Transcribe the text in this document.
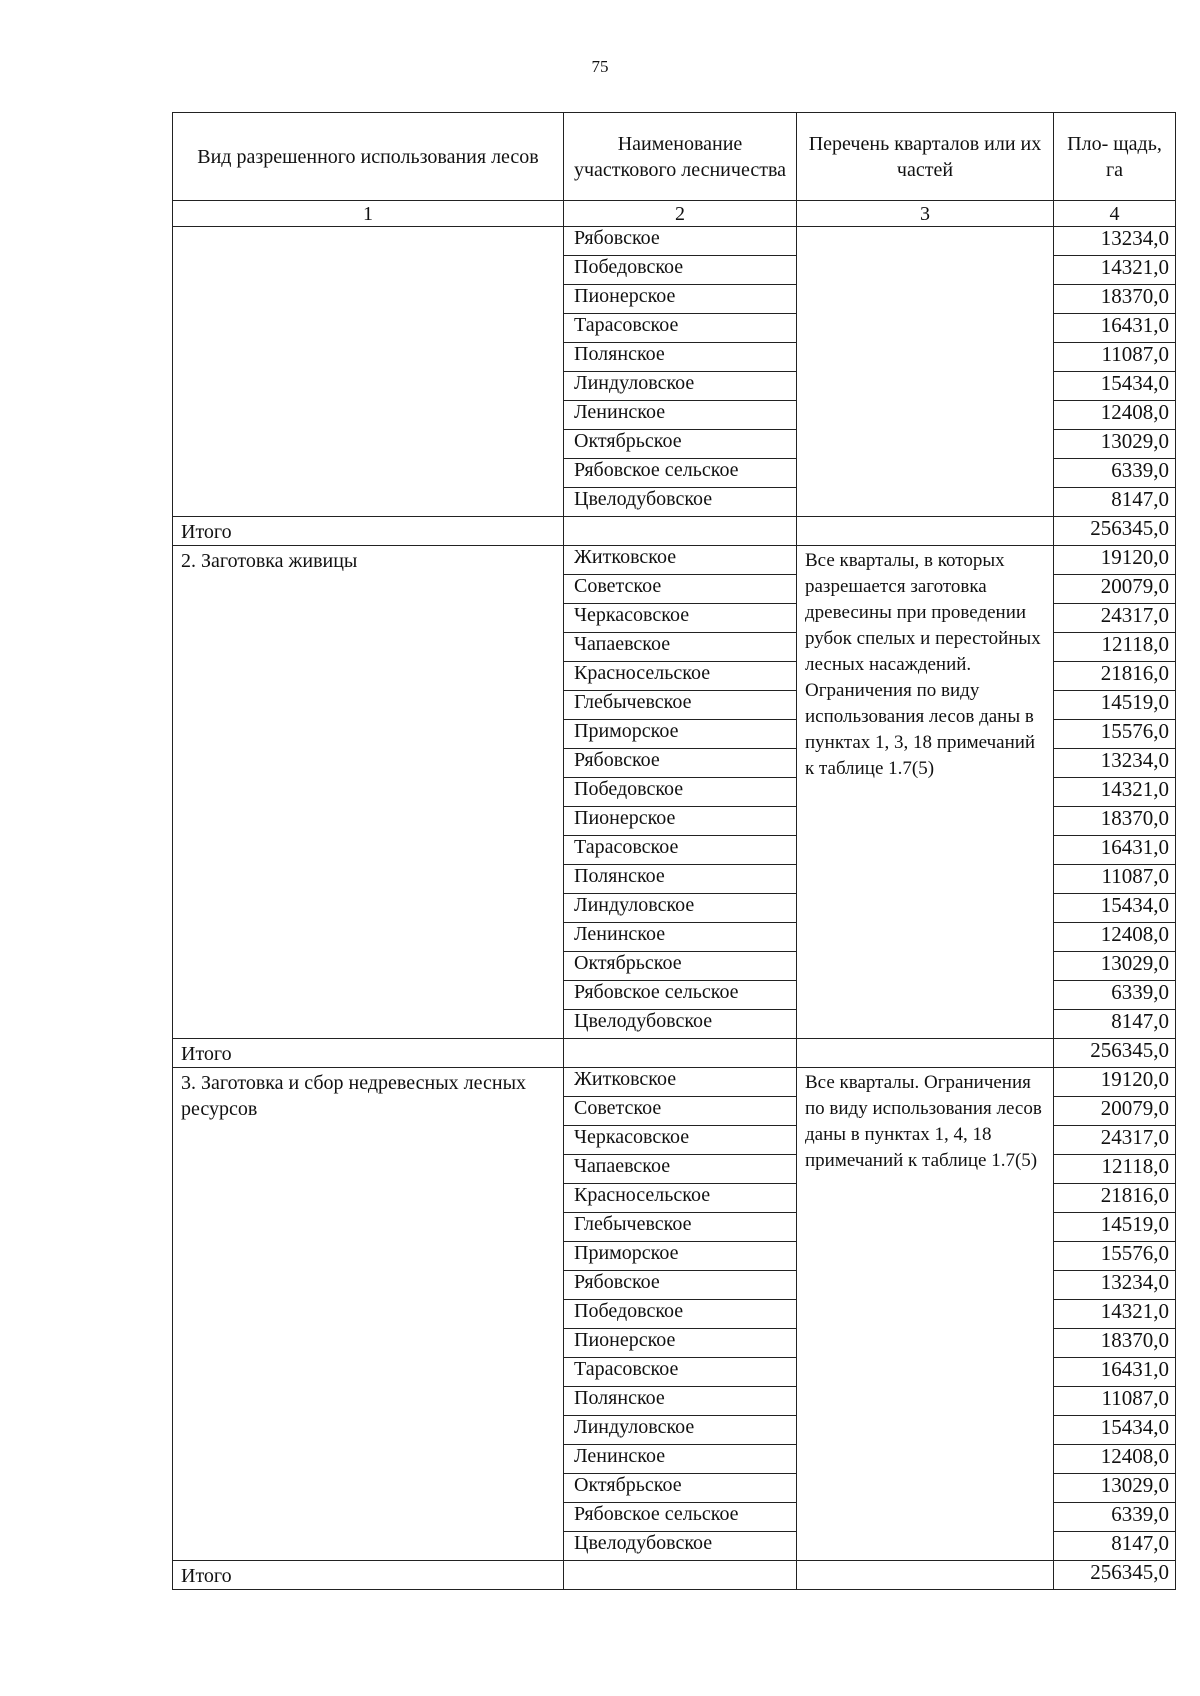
75
Вид разрешенного использования лесов	Наименование участкового лесничества	Перечень кварталов или их частей	Пло- щадь, га
1	2	3	4
	Рябовское		13234,0
	Победовское		14321,0
	Пионерское		18370,0
	Тарасовское		16431,0
	Полянское		11087,0
	Линдуловское		15434,0
	Ленинское		12408,0
	Октябрьское		13029,0
	Рябовское сельское		6339,0
	Цвелодубовское		8147,0
Итого			256345,0
2. Заготовка живицы	Житковское	Все кварталы, в которых разрешается заготовка древесины при проведении рубок спелых и перестойных лесных насаждений. Ограничения по виду использования лесов даны в пунктах 1, 3, 18 примечаний к таблице 1.7(5)	19120,0
	Советское		20079,0
	Черкасовское		24317,0
	Чапаевское		12118,0
	Красносельское		21816,0
	Глебычевское		14519,0
	Приморское		15576,0
	Рябовское		13234,0
	Победовское		14321,0
	Пионерское		18370,0
	Тарасовское		16431,0
	Полянское		11087,0
	Линдуловское		15434,0
	Ленинское		12408,0
	Октябрьское		13029,0
	Рябовское сельское		6339,0
	Цвелодубовское		8147,0
Итого			256345,0
3. Заготовка и сбор недревесных лесных ресурсов	Житковское	Все кварталы. Ограничения по виду использования лесов даны в пунктах 1, 4, 18 примечаний к таблице 1.7(5)	19120,0
	Советское		20079,0
	Черкасовское		24317,0
	Чапаевское		12118,0
	Красносельское		21816,0
	Глебычевское		14519,0
	Приморское		15576,0
	Рябовское		13234,0
	Победовское		14321,0
	Пионерское		18370,0
	Тарасовское		16431,0
	Полянское		11087,0
	Линдуловское		15434,0
	Ленинское		12408,0
	Октябрьское		13029,0
	Рябовское сельское		6339,0
	Цвелодубовское		8147,0
Итого			256345,0
